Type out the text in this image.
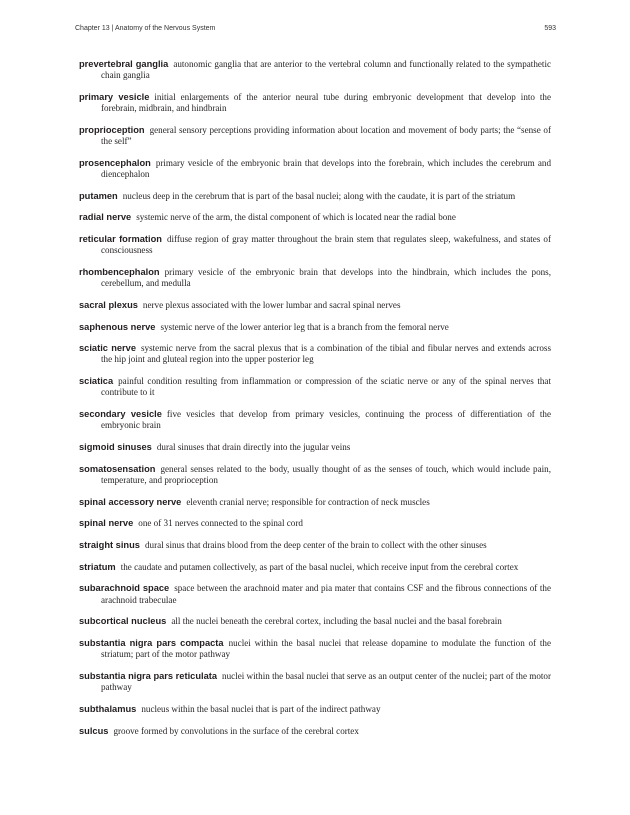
Chapter 13 | Anatomy of the Nervous System	593

prevertebral ganglia autonomic ganglia that are anterior to the vertebral column and functionally related to the sympathetic chain ganglia

primary vesicle initial enlargements of the anterior neural tube during embryonic development that develop into the forebrain, midbrain, and hindbrain

proprioception general sensory perceptions providing information about location and movement of body parts; the “sense of the self”

prosencephalon primary vesicle of the embryonic brain that develops into the forebrain, which includes the cerebrum and diencephalon

putamen nucleus deep in the cerebrum that is part of the basal nuclei; along with the caudate, it is part of the striatum

radial nerve systemic nerve of the arm, the distal component of which is located near the radial bone

reticular formation diffuse region of gray matter throughout the brain stem that regulates sleep, wakefulness, and states of consciousness

rhombencephalon primary vesicle of the embryonic brain that develops into the hindbrain, which includes the pons, cerebellum, and medulla

sacral plexus nerve plexus associated with the lower lumbar and sacral spinal nerves

saphenous nerve systemic nerve of the lower anterior leg that is a branch from the femoral nerve

sciatic nerve systemic nerve from the sacral plexus that is a combination of the tibial and fibular nerves and extends across the hip joint and gluteal region into the upper posterior leg

sciatica painful condition resulting from inflammation or compression of the sciatic nerve or any of the spinal nerves that contribute to it

secondary vesicle five vesicles that develop from primary vesicles, continuing the process of differentiation of the embryonic brain

sigmoid sinuses dural sinuses that drain directly into the jugular veins

somatosensation general senses related to the body, usually thought of as the senses of touch, which would include pain, temperature, and proprioception

spinal accessory nerve eleventh cranial nerve; responsible for contraction of neck muscles

spinal nerve one of 31 nerves connected to the spinal cord

straight sinus dural sinus that drains blood from the deep center of the brain to collect with the other sinuses

striatum the caudate and putamen collectively, as part of the basal nuclei, which receive input from the cerebral cortex

subarachnoid space space between the arachnoid mater and pia mater that contains CSF and the fibrous connections of the arachnoid trabeculae

subcortical nucleus all the nuclei beneath the cerebral cortex, including the basal nuclei and the basal forebrain

substantia nigra pars compacta nuclei within the basal nuclei that release dopamine to modulate the function of the striatum; part of the motor pathway

substantia nigra pars reticulata nuclei within the basal nuclei that serve as an output center of the nuclei; part of the motor pathway

subthalamus nucleus within the basal nuclei that is part of the indirect pathway

sulcus groove formed by convolutions in the surface of the cerebral cortex
